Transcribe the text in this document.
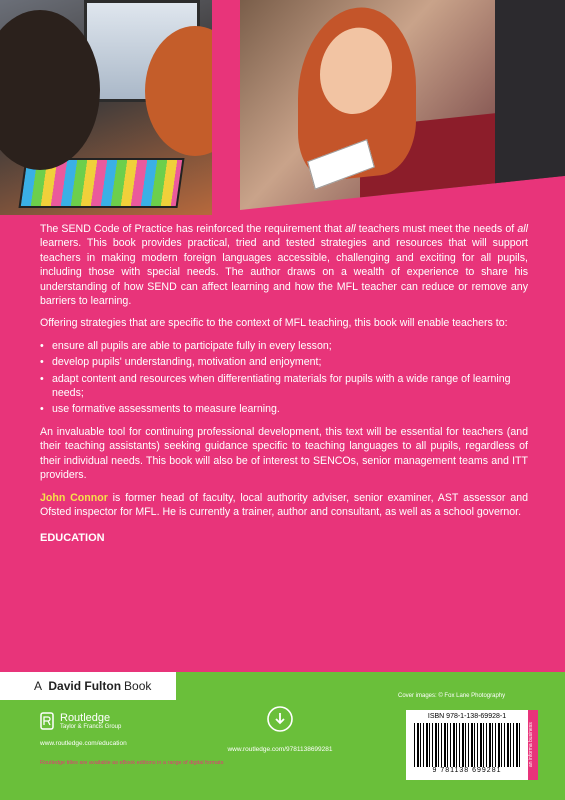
The SEND Code of Practice has reinforced the requirement that all teachers must meet the needs of all learners. This book provides practical, tried and tested strategies and resources that will support teachers in making modern foreign languages accessible, challenging and exciting for all pupils, including those with special needs. The author draws on a wealth of experience to share his understanding of how SEND can affect learning and how the MFL teacher can reduce or remove any barriers to learning.

Offering strategies that are specific to the context of MFL teaching, this book will enable teachers to:

• ensure all pupils are able to participate fully in every lesson;
• develop pupils' understanding, motivation and enjoyment;
• adapt content and resources when differentiating materials for pupils with a wide range of learning needs;
• use formative assessments to measure learning.

An invaluable tool for continuing professional development, this text will be essential for teachers (and their teaching assistants) seeking guidance specific to teaching languages to all pupils, regardless of their individual needs. This book will also be of interest to SENCOs, senior management teams and ITT providers.

John Connor is former head of faculty, local authority adviser, senior examiner, AST assessor and Ofsted inspector for MFL. He is currently a trainer, author and consultant, as well as a school governor.

EDUCATION
A
David Fulton Book
Routledge
Taylor & Francis Group
www.routledge.com/education
Routledge titles are available as eBook editions in a range of digital formats
www.routledge.com/9781138699281
Cover images: © Fox Lane Photography
ISBN 978-1-138-69928-1
9 781138 699281
an informa business
